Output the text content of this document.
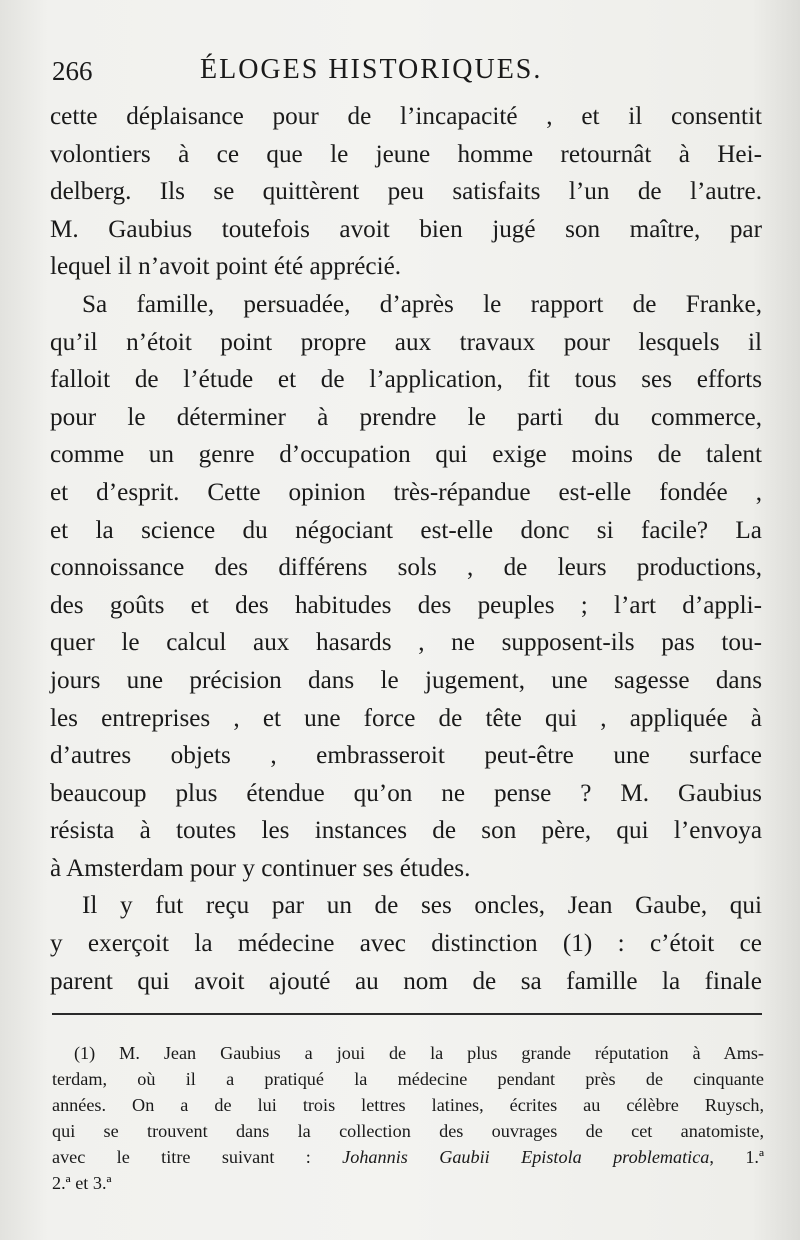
266	ÉLOGES HISTORIQUES.
cette déplaisance pour de l’incapacité , et il consentit
volontiers à ce que le jeune homme retournât à Hei-
delberg. Ils se quittèrent peu satisfaits l’un de l’autre.
M. Gaubius toutefois avoit bien jugé son maître, par
lequel il n’avoit point été apprécié.
Sa famille, persuadée, d’après le rapport de Franke,
qu’il n’étoit point propre aux travaux pour lesquels il
falloit de l’étude et de l’application, fit tous ses efforts
pour le déterminer à prendre le parti du commerce,
comme un genre d’occupation qui exige moins de talent
et d’esprit. Cette opinion très-répandue est-elle fondée ,
et la science du négociant est-elle donc si facile? La
connoissance des différens sols , de leurs productions,
des goûts et des habitudes des peuples ; l’art d’appli-
quer le calcul aux hasards , ne supposent-ils pas tou-
jours une précision dans le jugement, une sagesse dans
les entreprises , et une force de tête qui , appliquée à
d’autres objets , embrasseroit peut-être une surface
beaucoup plus étendue qu’on ne pense ? M. Gaubius
résista à toutes les instances de son père, qui l’envoya
à Amsterdam pour y continuer ses études.
Il y fut reçu par un de ses oncles, Jean Gaube, qui
y exerçoit la médecine avec distinction (1) : c’étoit ce
parent qui avoit ajouté au nom de sa famille la finale
(1) M. Jean Gaubius a joui de la plus grande réputation à Ams-
terdam, où il a pratiqué la médecine pendant près de cinquante
années. On a de lui trois lettres latines, écrites au célèbre Ruysch,
qui se trouvent dans la collection des ouvrages de cet anatomiste,
avec le titre suivant : Johannis Gaubii Epistola problematica, 1.ª
2.ª et 3.ª
